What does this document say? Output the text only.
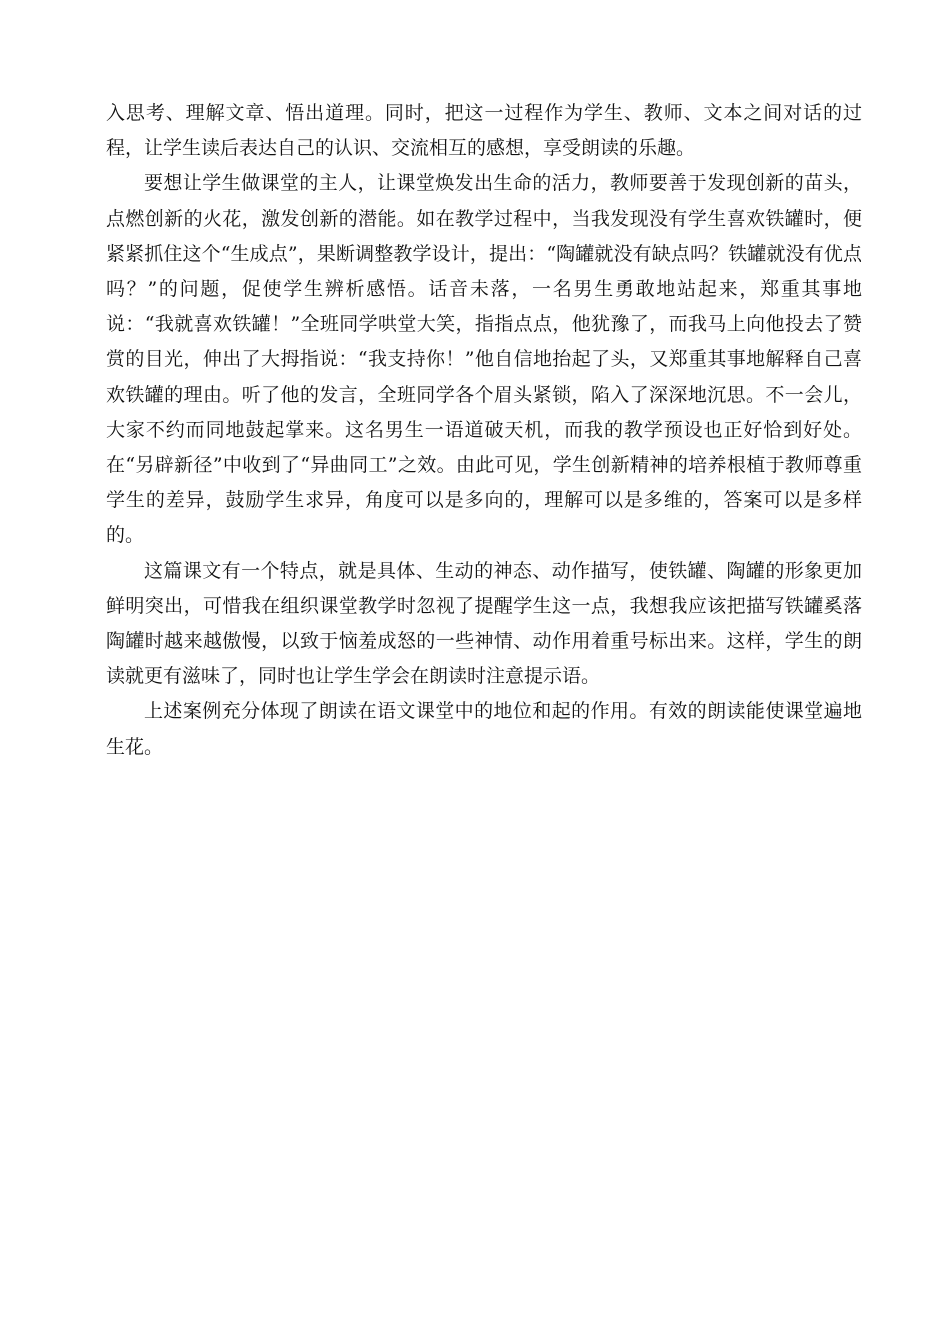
入思考、理解文章、悟出道理。同时，把这一过程作为学生、教师、文本之间对话的过程，让学生读后表达自己的认识、交流相互的感想，享受朗读的乐趣。

要想让学生做课堂的主人，让课堂焕发出生命的活力，教师要善于发现创新的苗头，点燃创新的火花，激发创新的潜能。如在教学过程中，当我发现没有学生喜欢铁罐时，便紧紧抓住这个“生成点”，果断调整教学设计，提出：“陶罐就没有缺点吗？铁罐就没有优点吗？”的问题，促使学生辨析感悟。话音未落，一名男生勇敢地站起来，郑重其事地说：“我就喜欢铁罐！”全班同学哄堂大笑，指指点点，他犹豫了，而我马上向他投去了赞赏的目光，伸出了大拇指说：“我支持你！”他自信地抬起了头，又郑重其事地解释自己喜欢铁罐的理由。听了他的发言，全班同学各个眉头紧锁，陷入了深深地沉思。不一会儿，大家不约而同地鼓起掌来。这名男生一语道破天机，而我的教学预设也正好恰到好处。在“另辟新径”中收到了“异曲同工”之效。由此可见，学生创新精神的培养根植于教师尊重学生的差异，鼓励学生求异，角度可以是多向的，理解可以是多维的，答案可以是多样的。

这篇课文有一个特点，就是具体、生动的神态、动作描写，使铁罐、陶罐的形象更加鲜明突出，可惜我在组织课堂教学时忽视了提醒学生这一点，我想我应该把描写铁罐奚落陶罐时越来越傲慢，以致于恼羞成怒的一些神情、动作用着重号标出来。这样，学生的朗读就更有滋味了，同时也让学生学会在朗读时注意提示语。

上述案例充分体现了朗读在语文课堂中的地位和起的作用。有效的朗读能使课堂遍地生花。
